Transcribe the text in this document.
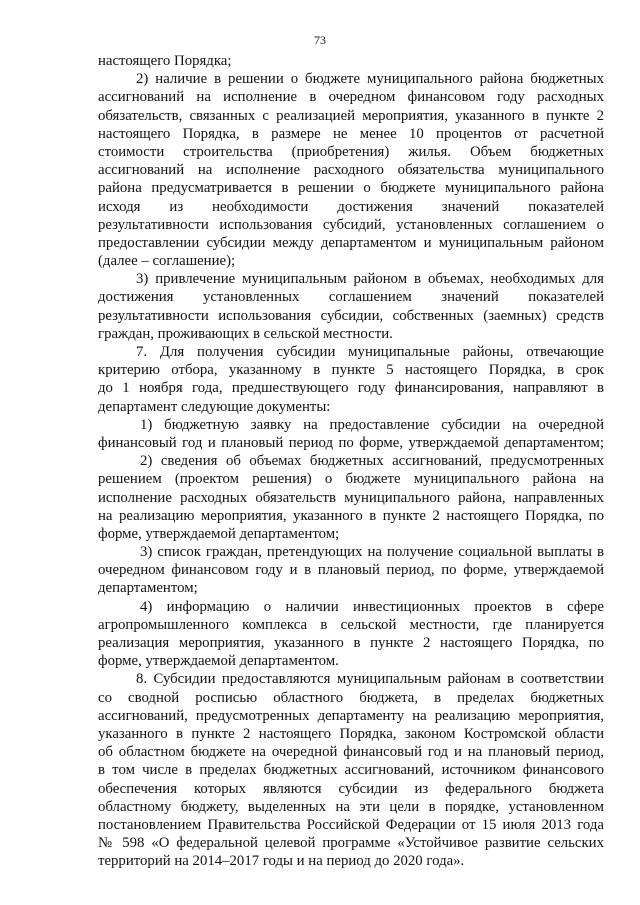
73
настоящего Порядка;
2) наличие в решении о бюджете муниципального района бюджетных
ассигнований на исполнение в очередном финансовом году расходных
обязательств, связанных с реализацией мероприятия, указанного в пункте 2
настоящего Порядка, в размере не менее 10 процентов от расчетной
стоимости строительства (приобретения) жилья. Объем бюджетных
ассигнований на исполнение расходного обязательства муниципального
района предусматривается в решении о бюджете муниципального района
исходя из необходимости достижения значений показателей
результативности использования субсидий, установленных соглашением о
предоставлении субсидии между департаментом и муниципальным районом
(далее – соглашение);
3) привлечение муниципальным районом в объемах, необходимых для
достижения установленных соглашением значений показателей
результативности использования субсидии, собственных (заемных) средств
граждан, проживающих в сельской местности.
7. Для получения субсидии муниципальные районы, отвечающие
критерию отбора, указанному в пункте 5 настоящего Порядка, в срок
до 1 ноября года, предшествующего году финансирования, направляют в
департамент следующие документы:
1) бюджетную заявку на предоставление субсидии на очередной
финансовый год и плановый период по форме, утверждаемой департаментом;
2) сведения об объемах бюджетных ассигнований, предусмотренных
решением (проектом решения) о бюджете муниципального района на
исполнение расходных обязательств муниципального района, направленных
на реализацию мероприятия, указанного в пункте 2 настоящего Порядка, по
форме, утверждаемой департаментом;
3) список граждан, претендующих на получение социальной выплаты в
очередном финансовом году и в плановый период, по форме, утверждаемой
департаментом;
4) информацию о наличии инвестиционных проектов в сфере
агропромышленного комплекса в сельской местности, где планируется
реализация мероприятия, указанного в пункте 2 настоящего Порядка, по
форме, утверждаемой департаментом.
8. Субсидии предоставляются муниципальным районам в соответствии
со сводной росписью областного бюджета, в пределах бюджетных
ассигнований, предусмотренных департаменту на реализацию мероприятия,
указанного в пункте 2 настоящего Порядка, законом Костромской области
об областном бюджете на очередной финансовый год и на плановый период,
в том числе в пределах бюджетных ассигнований, источником финансового
обеспечения которых являются субсидии из федерального бюджета
областному бюджету, выделенных на эти цели в порядке, установленном
постановлением Правительства Российской Федерации от 15 июля 2013 года
№ 598 «О федеральной целевой программе «Устойчивое развитие сельских
территорий на 2014–2017 годы и на период до 2020 года».
